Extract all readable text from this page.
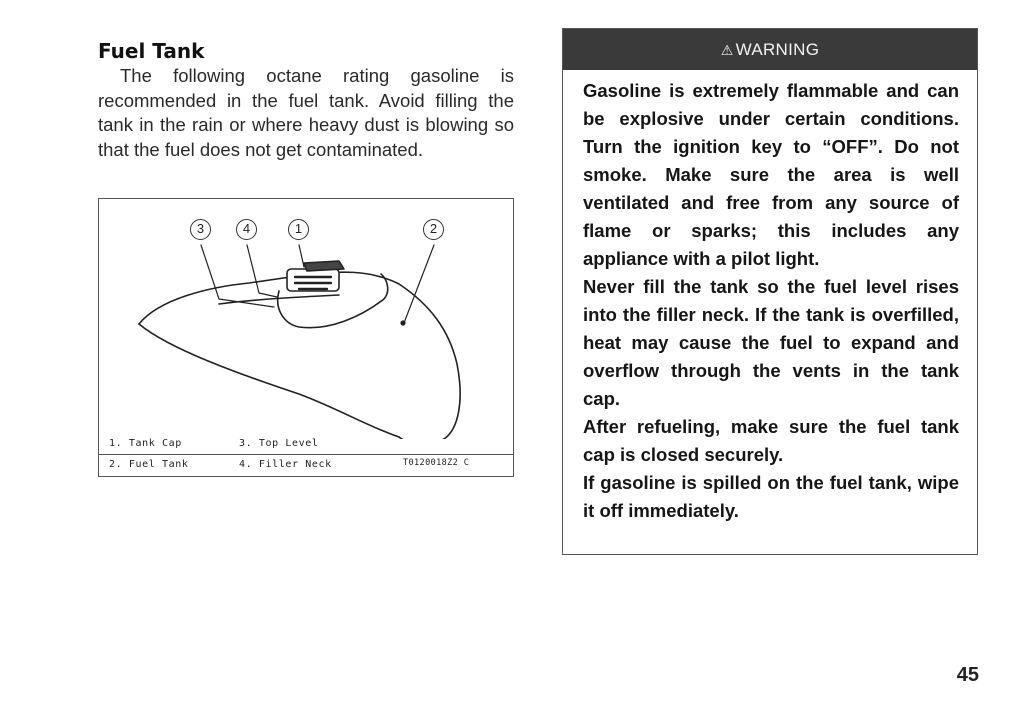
Fuel Tank

The following octane rating gasoline is recommended in the fuel tank. Avoid filling the tank in the rain or where heavy dust is blowing so that the fuel does not get contaminated.

3	4	1	2
1. Tank Cap	3. Top Level
2. Fuel Tank	4. Filler Neck	T0120018Z2 C
⚠ WARNING

Gasoline is extremely flammable and can be explosive under certain conditions. Turn the ignition key to “OFF”. Do not smoke. Make sure the area is well ventilated and free from any source of flame or sparks; this includes any appliance with a pilot light.

Never fill the tank so the fuel level rises into the filler neck. If the tank is overfilled, heat may cause the fuel to expand and overflow through the vents in the tank cap.

After refueling, make sure the fuel tank cap is closed securely.

If gasoline is spilled on the fuel tank, wipe it off immediately.

45
